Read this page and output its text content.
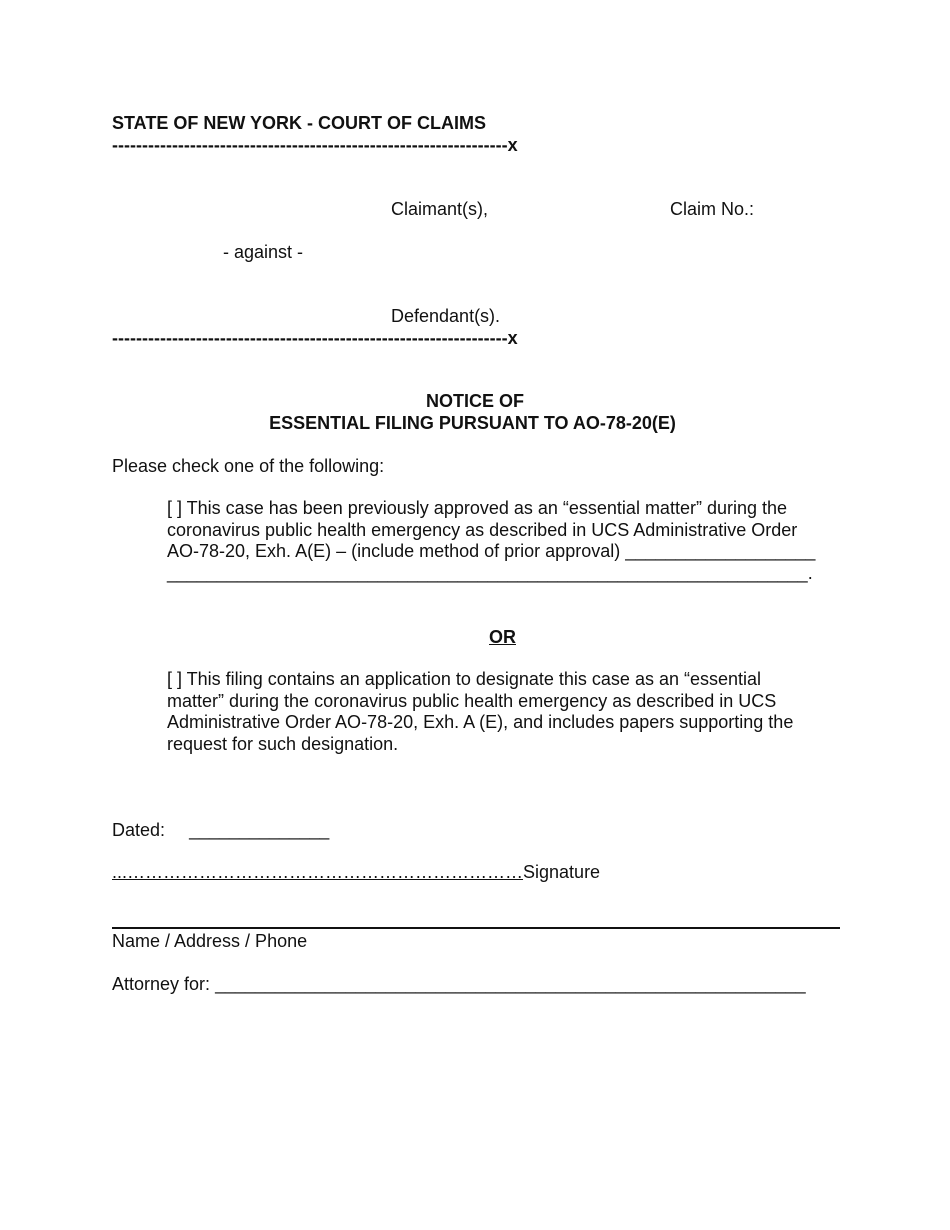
STATE OF NEW YORK - COURT OF CLAIMS
------------------------------------------------------------------x
Claimant(s),	Claim No.:
- against -
Defendant(s).
------------------------------------------------------------------x
NOTICE OF
ESSENTIAL FILING PURSUANT TO AO-78-20(E)
Please check one of the following:
[ ] This case has been previously approved as an “essential matter” during the
coronavirus public health emergency as described in UCS Administrative Order
AO-78-20, Exh. A(E) – (include method of prior approval) ___________________
________________________________________________________________.
OR
[ ] This filing contains an application to designate this case as an “essential
matter” during the coronavirus public health emergency as described in UCS
Administrative Order AO-78-20, Exh. A (E), and includes papers supporting the
request for such designation.
Dated: ______________
...…………………………………………………………Signature
Name / Address / Phone
Attorney for: ___________________________________________________________
